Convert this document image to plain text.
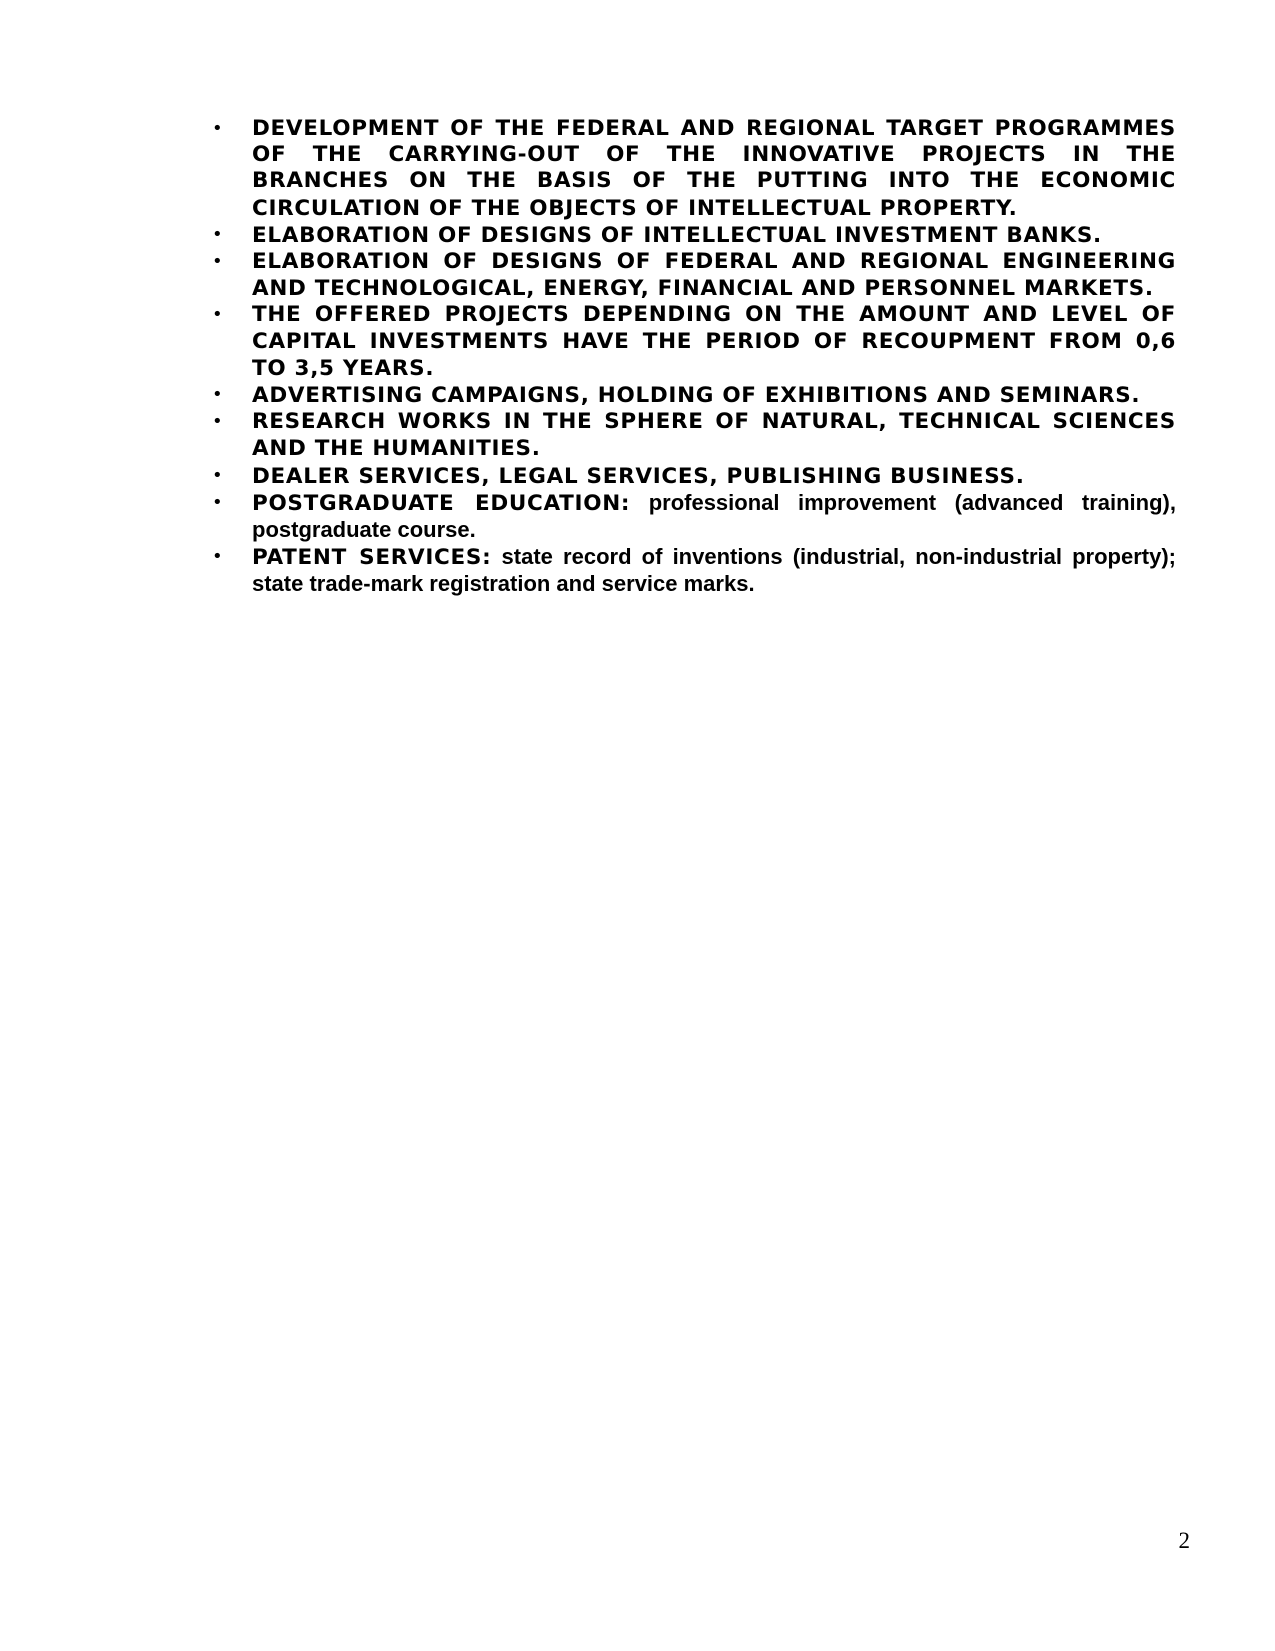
• DEVELOPMENT OF THE FEDERAL AND REGIONAL TARGET PROGRAMMES OF THE CARRYING-OUT OF THE INNOVATIVE PROJECTS IN THE BRANCHES ON THE BASIS OF THE PUTTING INTO THE ECONOMIC CIRCULATION OF THE OBJECTS OF INTELLECTUAL PROPERTY.
• ELABORATION OF DESIGNS OF INTELLECTUAL INVESTMENT BANKS.
• ELABORATION OF DESIGNS OF FEDERAL AND REGIONAL ENGINEERING AND TECHNOLOGICAL, ENERGY, FINANCIAL AND PERSONNEL MARKETS.
• THE OFFERED PROJECTS DEPENDING ON THE AMOUNT AND LEVEL OF CAPITAL INVESTMENTS HAVE THE PERIOD OF RECOUPMENT FROM 0,6 TO 3,5 YEARS.
• ADVERTISING CAMPAIGNS, HOLDING OF EXHIBITIONS AND SEMINARS.
• RESEARCH WORKS IN THE SPHERE OF NATURAL, TECHNICAL SCIENCES AND THE HUMANITIES.
• DEALER SERVICES, LEGAL SERVICES, PUBLISHING BUSINESS.
• POSTGRADUATE EDUCATION: professional improvement (advanced training), postgraduate course.
• PATENT SERVICES: state record of inventions (industrial, non-industrial property); state trade-mark registration and service marks.
2
